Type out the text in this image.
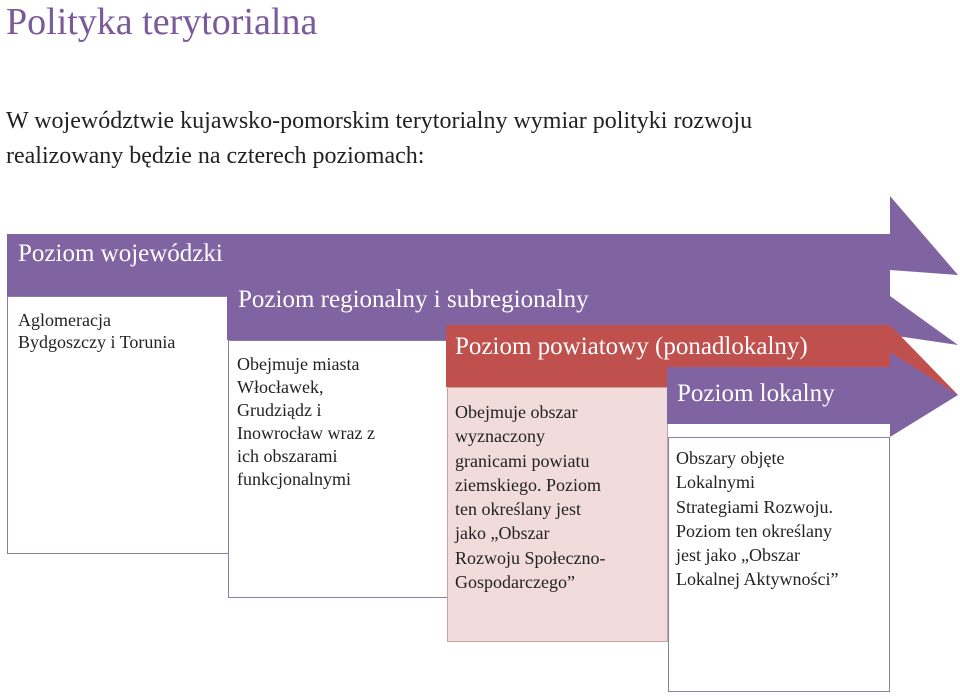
Polityka terytorialna
W województwie kujawsko-pomorskim terytorialny wymiar polityki rozwoju
realizowany będzie na czterech poziomach:
Aglomeracja
Bydgoszczy i Torunia
Obejmuje miasta
Włocławek,
Grudziądz i
Inowrocław wraz z
ich obszarami
funkcjonalnymi
Obejmuje obszar
wyznaczony
granicami powiatu
ziemskiego. Poziom
ten określany jest
jako „Obszar
Rozwoju Społeczno-
Gospodarczego”
Obszary objęte
Lokalnymi
Strategiami Rozwoju.
Poziom ten określany
jest jako „Obszar
Lokalnej Aktywności”
Poziom wojewódzki
Poziom regionalny i subregionalny
Poziom powiatowy (ponadlokalny)
Poziom lokalny
